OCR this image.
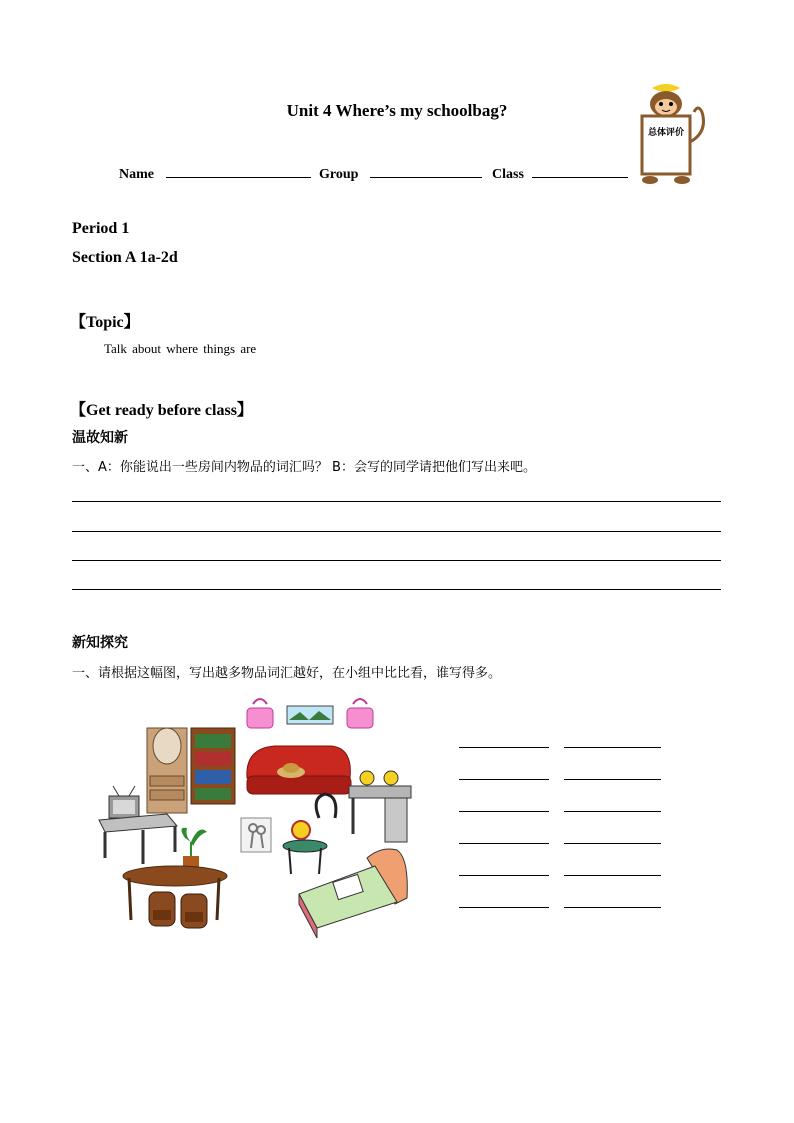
Unit 4 Where’s my schoolbag?
总体评价
Name	Group	Class
Period 1
Section A 1a-2d
【Topic】
Talk about where things are
【Get ready before class】
温故知新
一、A：你能说出一些房间内物品的词汇吗？ B：会写的同学请把他们写出来吧。
新知探究
一、请根据这幅图，写出越多物品词汇越好，在小组中比比看，谁写得多。
